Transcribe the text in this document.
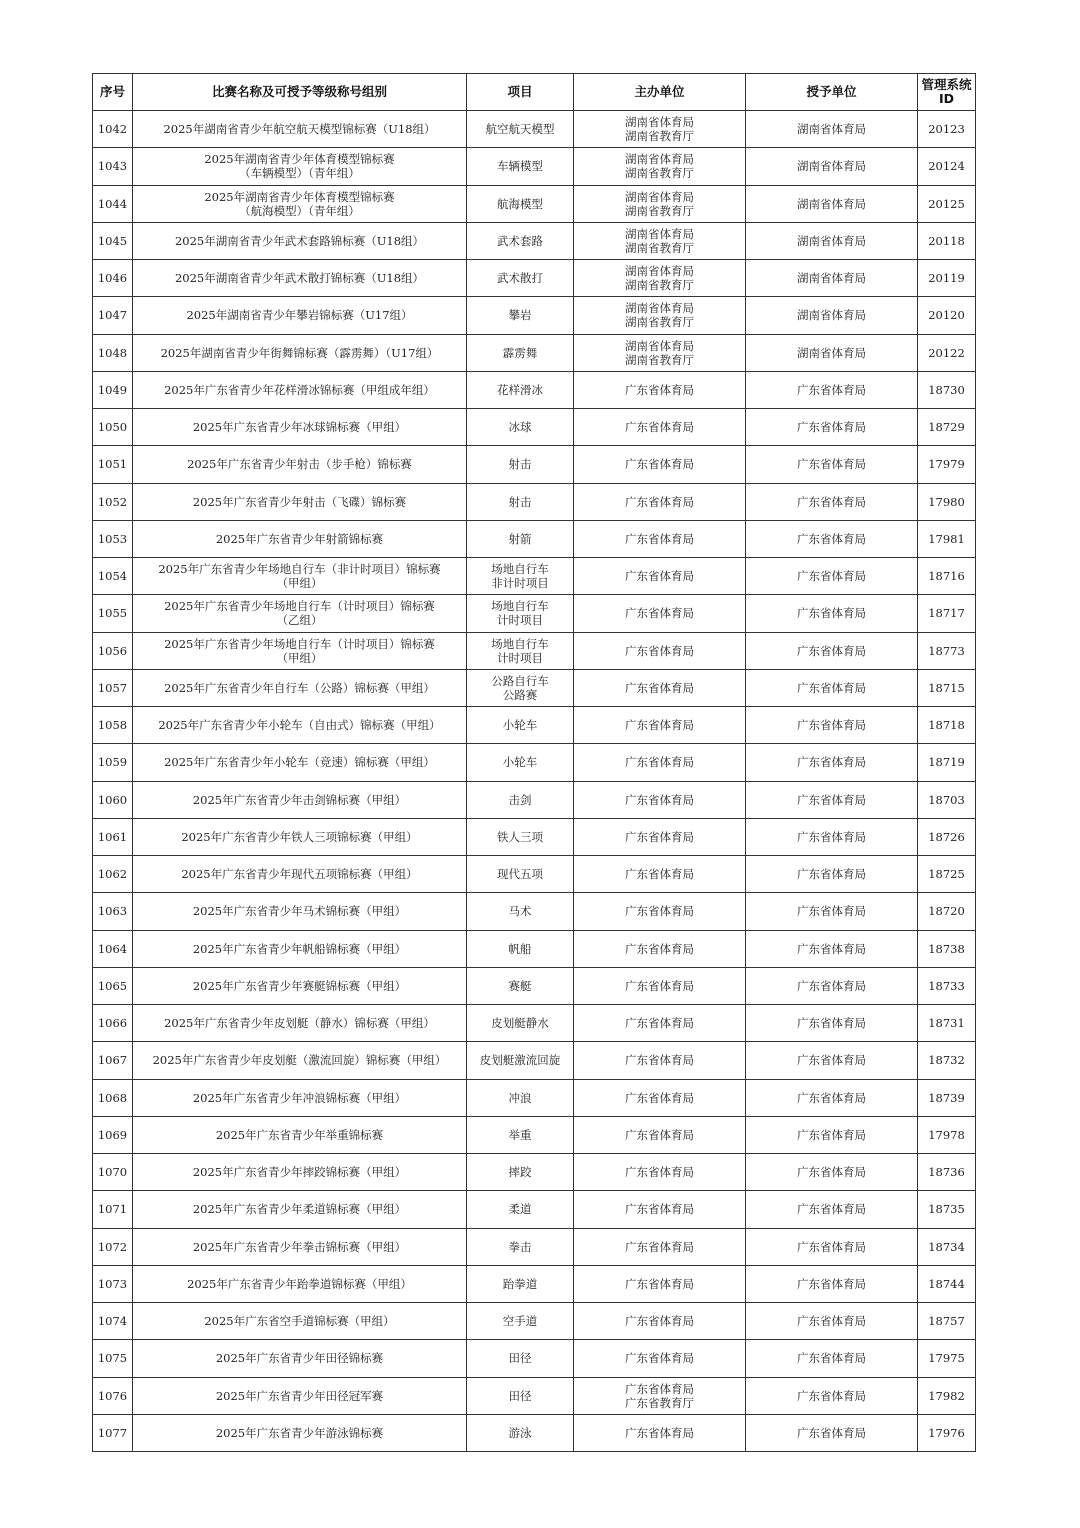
序号	比赛名称及可授予等级称号组别	项目	主办单位	授予单位	管理系统
ID
1042	2025年湖南省青少年航空航天模型锦标赛（U18组）	航空航天模型	湖南省体育局
湖南省教育厅	湖南省体育局	20123
1043	2025年湖南省青少年体育模型锦标赛
（车辆模型）（青年组）	车辆模型	湖南省体育局
湖南省教育厅	湖南省体育局	20124
1044	2025年湖南省青少年体育模型锦标赛
（航海模型）（青年组）	航海模型	湖南省体育局
湖南省教育厅	湖南省体育局	20125
1045	2025年湖南省青少年武术套路锦标赛（U18组）	武术套路	湖南省体育局
湖南省教育厅	湖南省体育局	20118
1046	2025年湖南省青少年武术散打锦标赛（U18组）	武术散打	湖南省体育局
湖南省教育厅	湖南省体育局	20119
1047	2025年湖南省青少年攀岩锦标赛（U17组）	攀岩	湖南省体育局
湖南省教育厅	湖南省体育局	20120
1048	2025年湖南省青少年街舞锦标赛（霹雳舞）（U17组）	霹雳舞	湖南省体育局
湖南省教育厅	湖南省体育局	20122
1049	2025年广东省青少年花样滑冰锦标赛（甲组成年组）	花样滑冰	广东省体育局	广东省体育局	18730
1050	2025年广东省青少年冰球锦标赛（甲组）	冰球	广东省体育局	广东省体育局	18729
1051	2025年广东省青少年射击（步手枪）锦标赛	射击	广东省体育局	广东省体育局	17979
1052	2025年广东省青少年射击（飞碟）锦标赛	射击	广东省体育局	广东省体育局	17980
1053	2025年广东省青少年射箭锦标赛	射箭	广东省体育局	广东省体育局	17981
1054	2025年广东省青少年场地自行车（非计时项目）锦标赛
（甲组）	场地自行车
非计时项目	广东省体育局	广东省体育局	18716
1055	2025年广东省青少年场地自行车（计时项目）锦标赛
（乙组）	场地自行车
计时项目	广东省体育局	广东省体育局	18717
1056	2025年广东省青少年场地自行车（计时项目）锦标赛
（甲组）	场地自行车
计时项目	广东省体育局	广东省体育局	18773
1057	2025年广东省青少年自行车（公路）锦标赛（甲组）	公路自行车
公路赛	广东省体育局	广东省体育局	18715
1058	2025年广东省青少年小轮车（自由式）锦标赛（甲组）	小轮车	广东省体育局	广东省体育局	18718
1059	2025年广东省青少年小轮车（竞速）锦标赛（甲组）	小轮车	广东省体育局	广东省体育局	18719
1060	2025年广东省青少年击剑锦标赛（甲组）	击剑	广东省体育局	广东省体育局	18703
1061	2025年广东省青少年铁人三项锦标赛（甲组）	铁人三项	广东省体育局	广东省体育局	18726
1062	2025年广东省青少年现代五项锦标赛（甲组）	现代五项	广东省体育局	广东省体育局	18725
1063	2025年广东省青少年马术锦标赛（甲组）	马术	广东省体育局	广东省体育局	18720
1064	2025年广东省青少年帆船锦标赛（甲组）	帆船	广东省体育局	广东省体育局	18738
1065	2025年广东省青少年赛艇锦标赛（甲组）	赛艇	广东省体育局	广东省体育局	18733
1066	2025年广东省青少年皮划艇（静水）锦标赛（甲组）	皮划艇静水	广东省体育局	广东省体育局	18731
1067	2025年广东省青少年皮划艇（激流回旋）锦标赛（甲组）	皮划艇激流回旋	广东省体育局	广东省体育局	18732
1068	2025年广东省青少年冲浪锦标赛（甲组）	冲浪	广东省体育局	广东省体育局	18739
1069	2025年广东省青少年举重锦标赛	举重	广东省体育局	广东省体育局	17978
1070	2025年广东省青少年摔跤锦标赛（甲组）	摔跤	广东省体育局	广东省体育局	18736
1071	2025年广东省青少年柔道锦标赛（甲组）	柔道	广东省体育局	广东省体育局	18735
1072	2025年广东省青少年拳击锦标赛（甲组）	拳击	广东省体育局	广东省体育局	18734
1073	2025年广东省青少年跆拳道锦标赛（甲组）	跆拳道	广东省体育局	广东省体育局	18744
1074	2025年广东省空手道锦标赛（甲组）	空手道	广东省体育局	广东省体育局	18757
1075	2025年广东省青少年田径锦标赛	田径	广东省体育局	广东省体育局	17975
1076	2025年广东省青少年田径冠军赛	田径	广东省体育局
广东省教育厅	广东省体育局	17982
1077	2025年广东省青少年游泳锦标赛	游泳	广东省体育局	广东省体育局	17976
